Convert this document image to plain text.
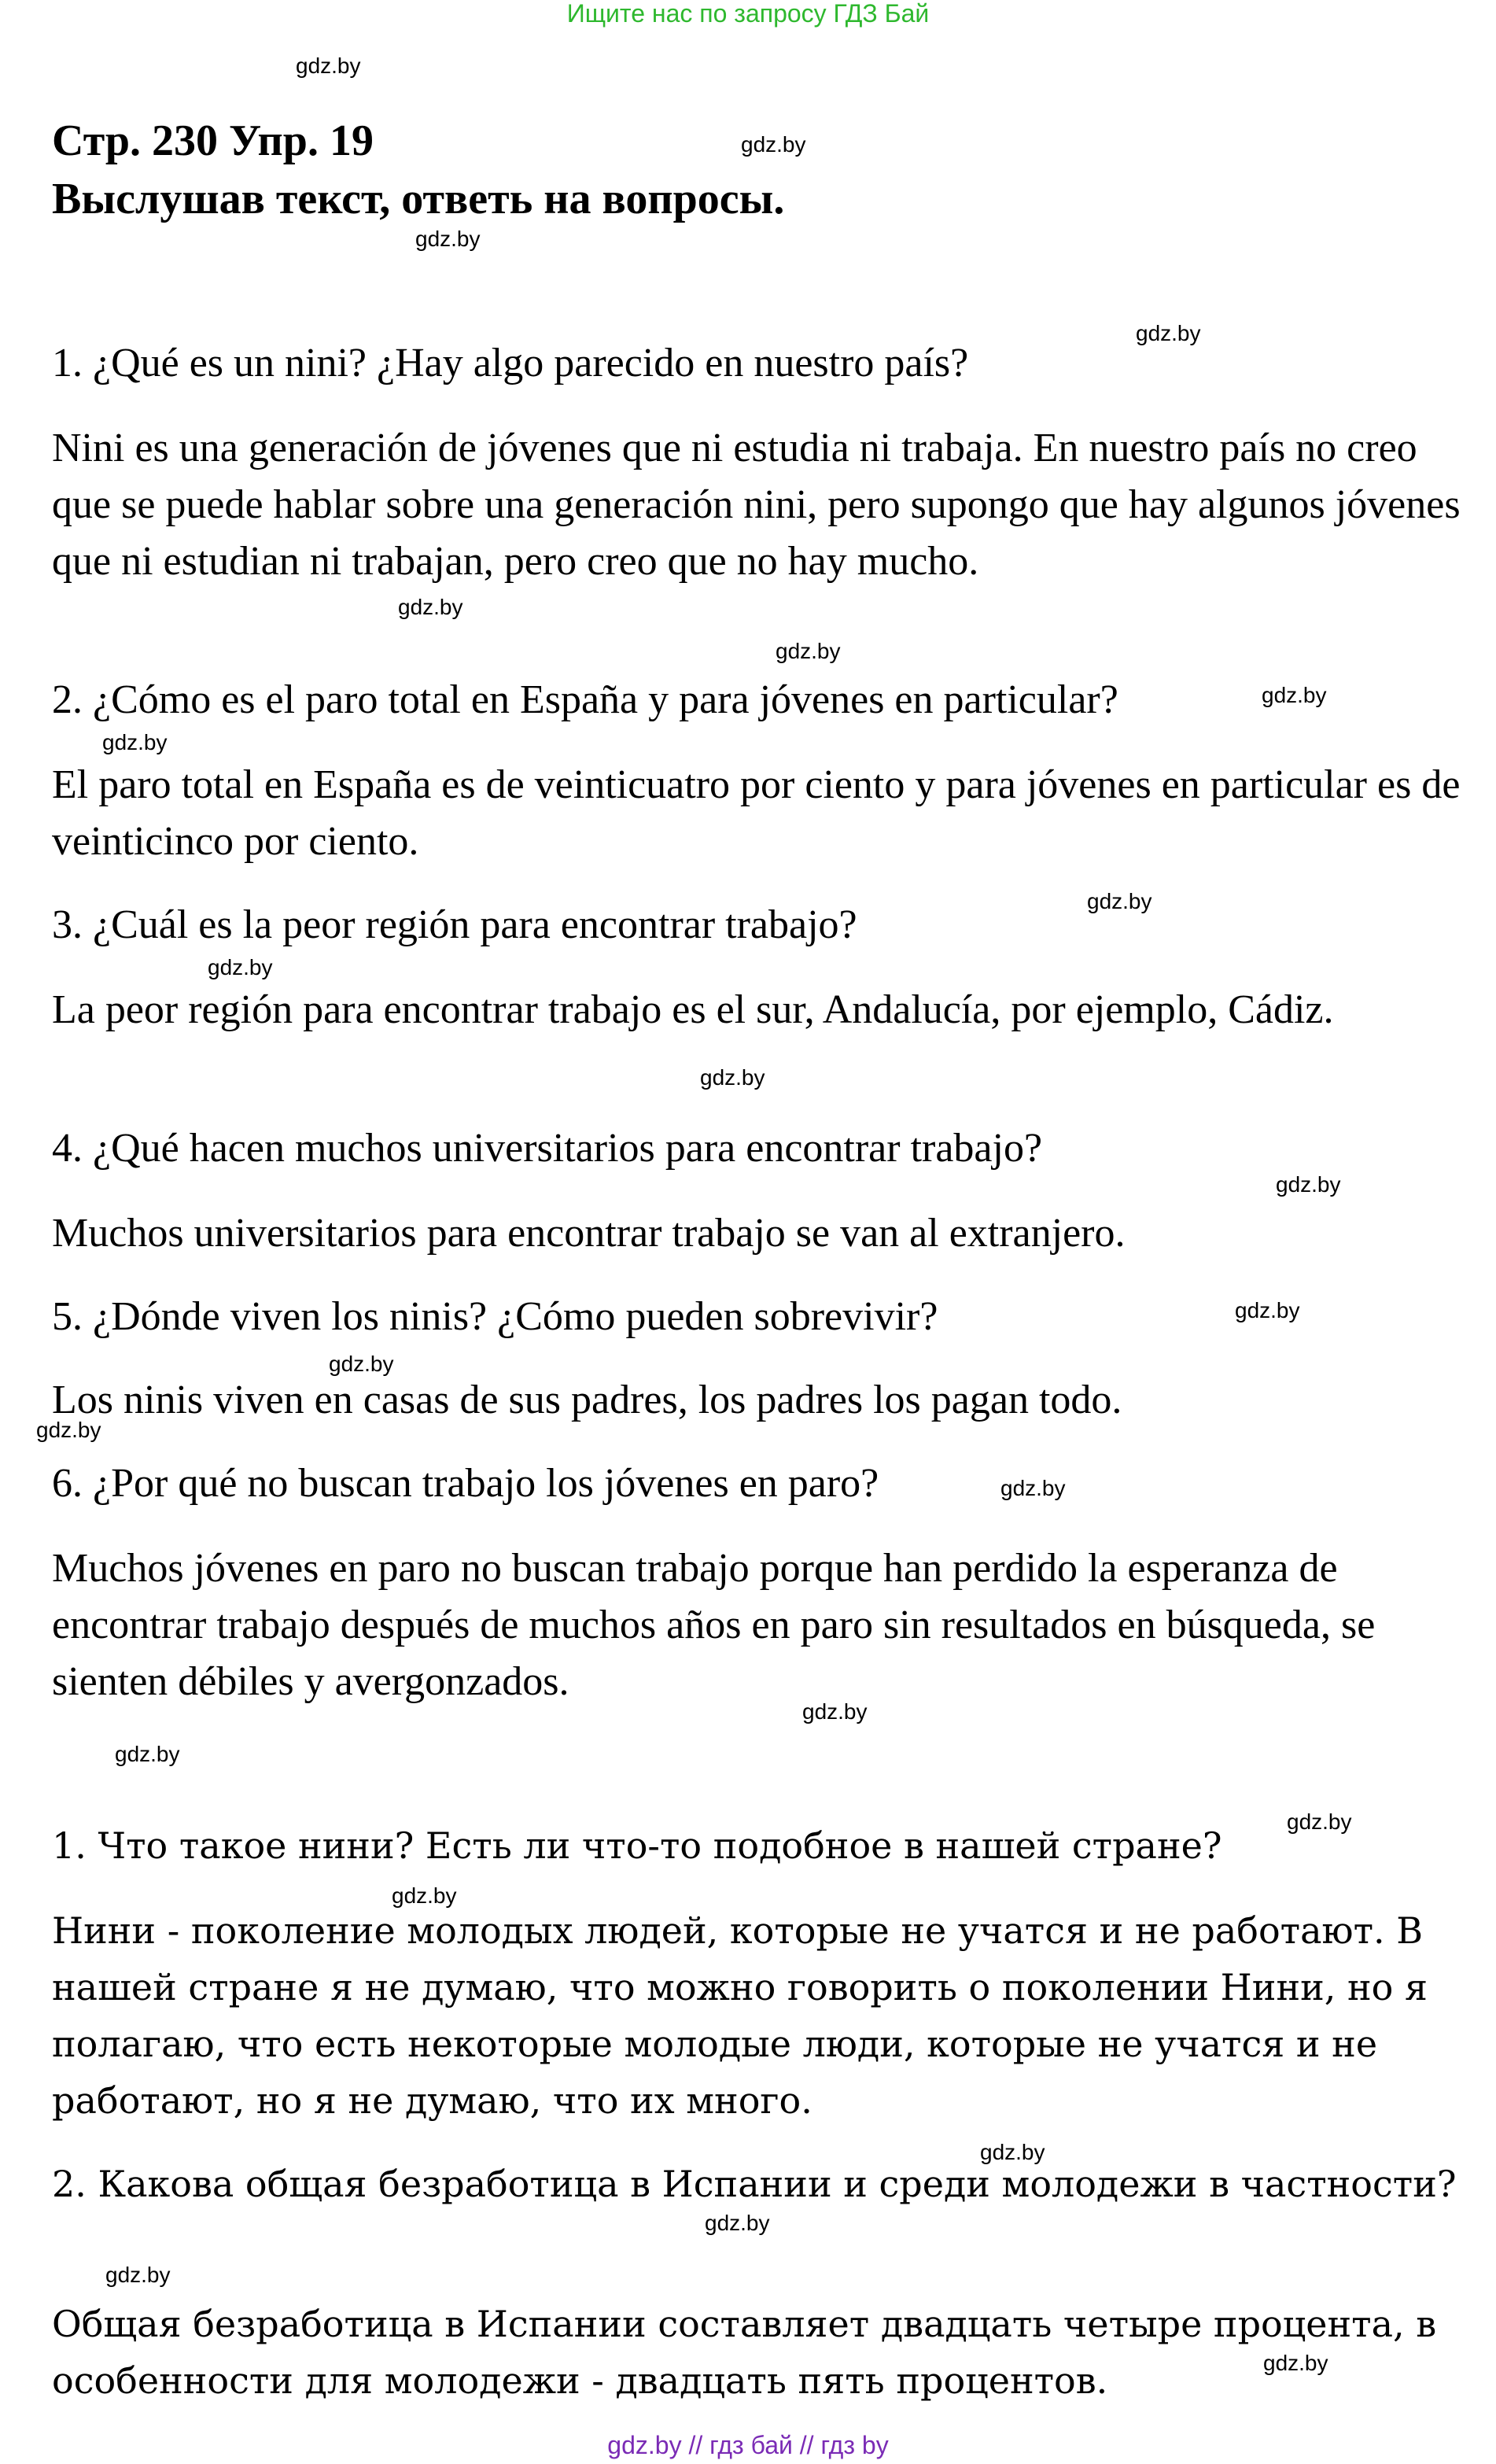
Ищите нас по запросу ГДЗ Бай
Стр. 230 Упр. 19
Выслушав текст, ответь на вопросы.
1. ¿Qué es un nini? ¿Hay algo parecido en nuestro país?
Nini es una generación de jóvenes que ni estudia ni trabaja. En nuestro país no creo que se puede hablar sobre una generación nini, pero supongo que hay algunos jóvenes que ni estudian ni trabajan, pero creo que no hay mucho.
2. ¿Cómo es el paro total en España y para jóvenes en particular?
El paro total en España es de veinticuatro por ciento y para jóvenes en particular es de veinticinco por ciento.
3. ¿Cuál es la peor región para encontrar trabajo?
La peor región para encontrar trabajo es el sur, Andalucía, por ejemplo, Cádiz.
4. ¿Qué hacen muchos universitarios para encontrar trabajo?
Muchos universitarios para encontrar trabajo se van al extranjero.
5. ¿Dónde viven los ninis? ¿Cómo pueden sobrevivir?
Los ninis viven en casas de sus padres, los padres los pagan todo.
6. ¿Por qué no buscan trabajo los jóvenes en paro?
Muchos jóvenes en paro no buscan trabajo porque han perdido la esperanza de encontrar trabajo después de muchos años en paro sin resultados en búsqueda, se sienten débiles y avergonzados.
1. Что такое нини? Есть ли что-то подобное в нашей стране?
Нини - поколение молодых людей, которые не учатся и не работают. В нашей стране я не думаю, что можно говорить о поколении Нини, но я полагаю, что есть некоторые молодые люди, которые не учатся и не работают, но я не думаю, что их много.
2. Какова общая безработица в Испании и среди молодежи в частности?
Общая безработица в Испании составляет двадцать четыре процента, в особенности для молодежи - двадцать пять процентов.
gdz.by
gdz.by
gdz.by
gdz.by
gdz.by
gdz.by
gdz.by
gdz.by
gdz.by
gdz.by
gdz.by
gdz.by
gdz.by
gdz.by
gdz.by
gdz.by
gdz.by
gdz.by
gdz.by
gdz.by
gdz.by
gdz.by
gdz.by
gdz.by
gdz.by // гдз бай // гдз by
